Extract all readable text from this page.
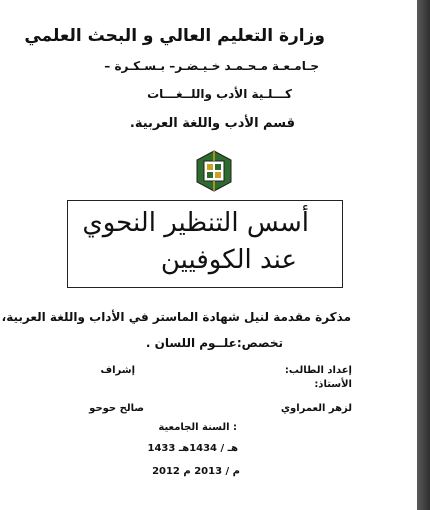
وزارة التعليم العالي و البحث العلمي
جـامـعـة مـحـمـد خـيـضـر– بـسـكـرة –
كـــلـية الأدب واللــغـــات
قسم الأدب واللغة العربية.
أسس التنظير النحوي
عند الكوفيين
مذكرة مقدمة لنيل شهادة الماستر في الأداب واللغة العربية،
تخصص:علــوم اللسان .
إعداد الطالب:
إشراف
الأستاذ:
لزهر العمراوي
صالح حوحو
: السنة الجامعية
هـ / 1434هـ 1433
م / 2013 م 2012
